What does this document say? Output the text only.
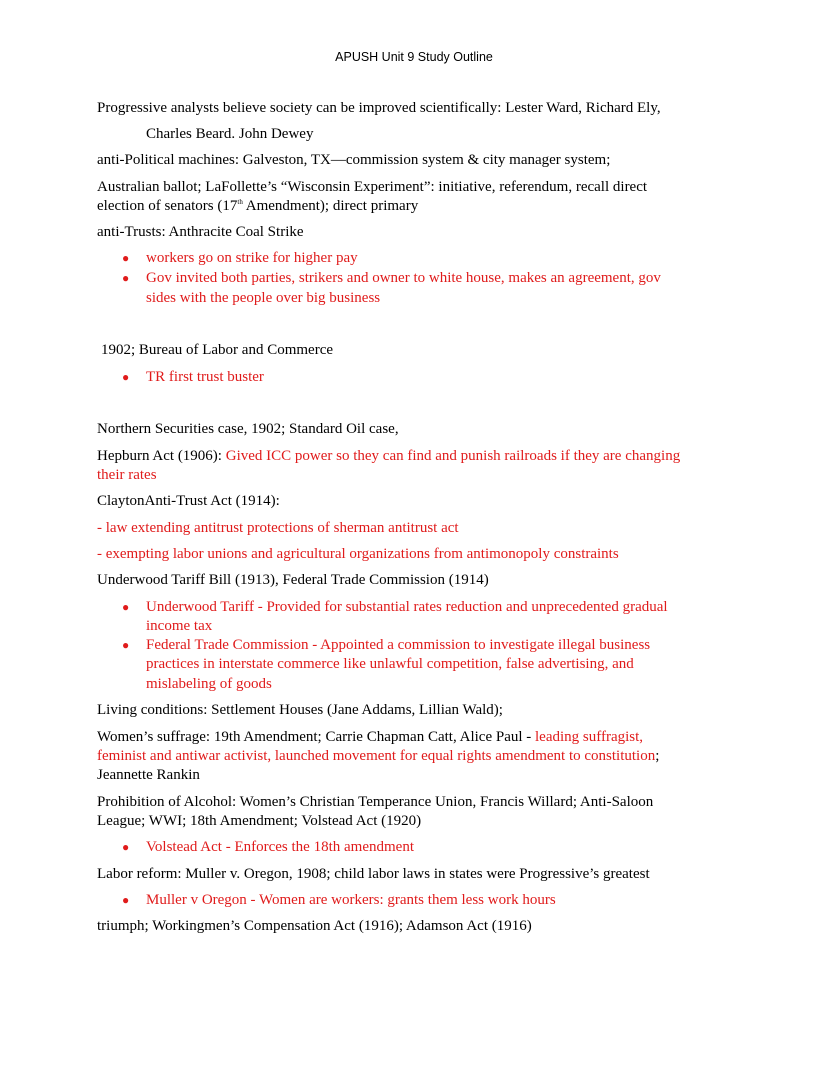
APUSH Unit 9 Study Outline

Progressive analysts believe society can be improved scientifically: Lester Ward, Richard Ely,

Charles Beard. John Dewey

anti-Political machines: Galveston, TX—commission system & city manager system;

Australian ballot; LaFollette’s “Wisconsin Experiment”: initiative, referendum, recall direct

election of senators (17th Amendment); direct primary

anti-Trusts: Anthracite Coal Strike

● workers go on strike for higher pay

● Gov invited both parties, strikers and owner to white house, makes an agreement, gov

sides with the people over big business

1902; Bureau of Labor and Commerce

● TR first trust buster

Northern Securities case, 1902; Standard Oil case,

Hepburn Act (1906): Gived ICC power so they can find and punish railroads if they are changing

their rates

ClaytonAnti-Trust Act (1914):

- law extending antitrust protections of sherman antitrust act

- exempting labor unions and agricultural organizations from antimonopoly constraints

Underwood Tariff Bill (1913), Federal Trade Commission (1914)

● Underwood Tariff - Provided for substantial rates reduction and unprecedented gradual

income tax

● Federal Trade Commission - Appointed a commission to investigate illegal business

practices in interstate commerce like unlawful competition, false advertising, and

mislabeling of goods

Living conditions: Settlement Houses (Jane Addams, Lillian Wald);

Women’s suffrage: 19th Amendment; Carrie Chapman Catt, Alice Paul - leading suffragist,

feminist and antiwar activist, launched movement for equal rights amendment to constitution;

Jeannette Rankin

Prohibition of Alcohol: Women’s Christian Temperance Union, Francis Willard; Anti-Saloon

League; WWI; 18th Amendment; Volstead Act (1920)

● Volstead Act - Enforces the 18th amendment

Labor reform: Muller v. Oregon, 1908; child labor laws in states were Progressive’s greatest

● Muller v Oregon - Women are workers: grants them less work hours

triumph; Workingmen’s Compensation Act (1916); Adamson Act (1916)
